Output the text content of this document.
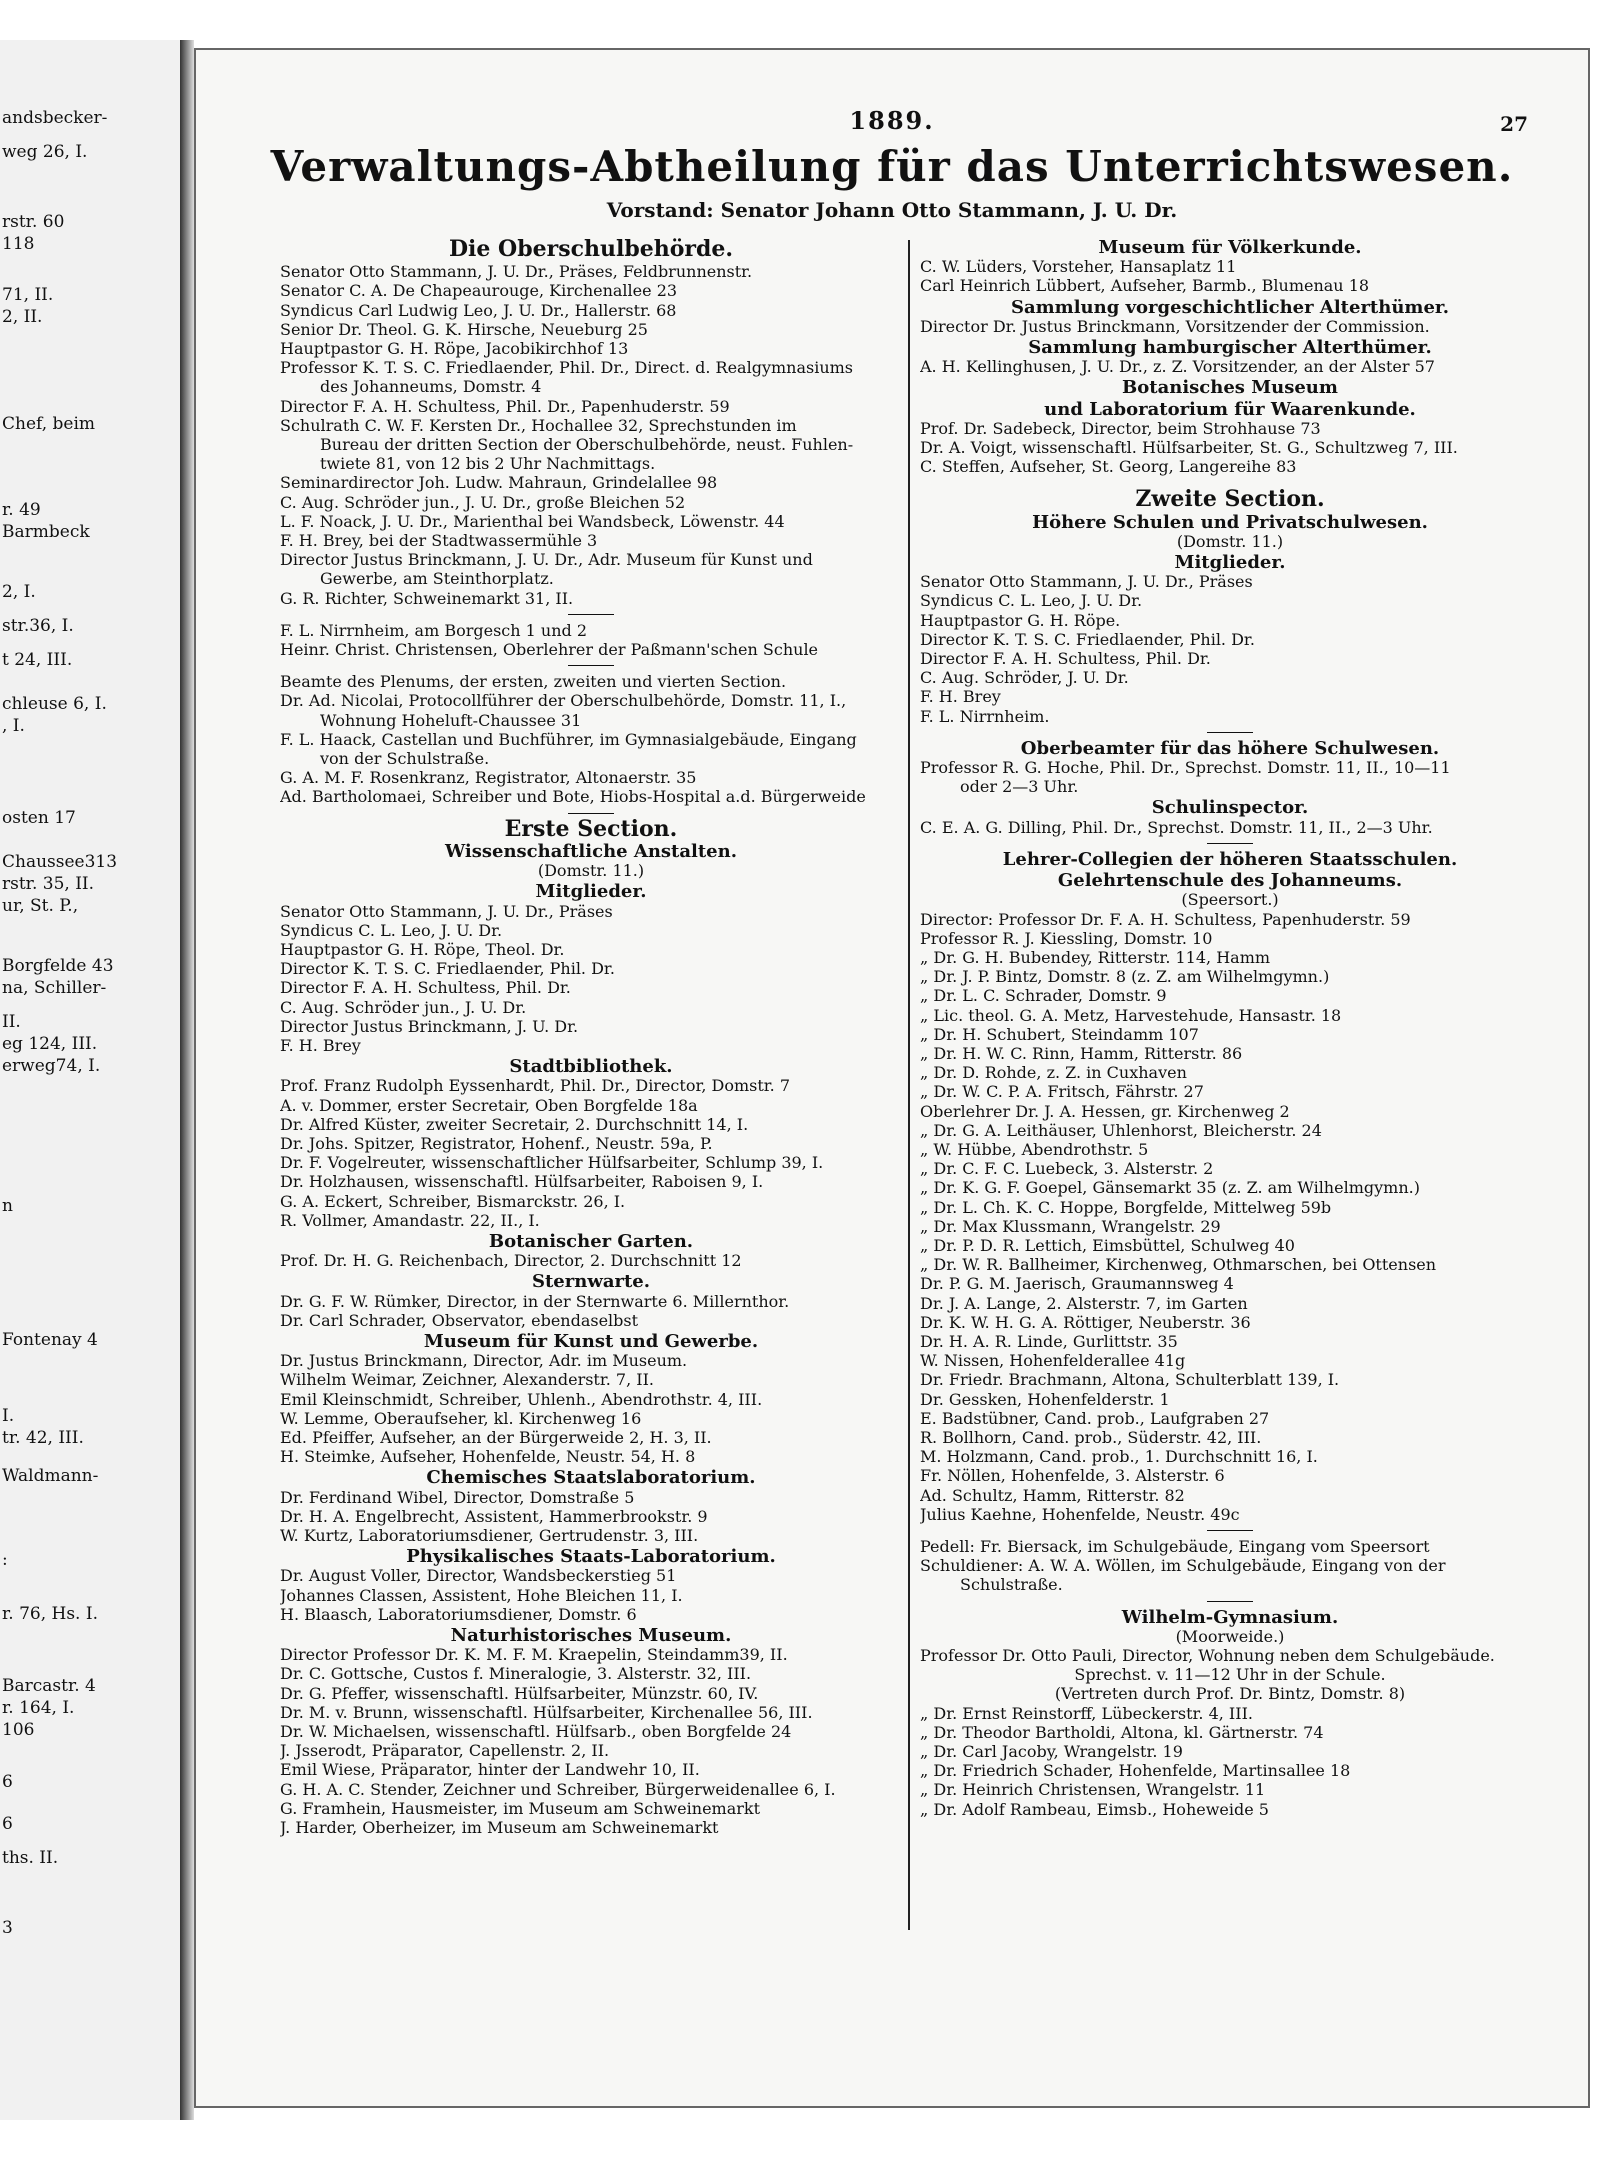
andsbecker-
weg 26, I.
rstr. 60
118
71, II.
2, II.
Chef, beim
r. 49
Barmbeck
2, I.
str.36, I.
t 24, III.
chleuse 6, I.
, I.
osten 17
Chaussee313
rstr. 35, II.
ur, St. P.,
Borgfelde 43
na, Schiller-
II.
eg 124, III.
erweg74, I.
n
Fontenay 4
I.
tr. 42, III.
Waldmann-
:
r. 76, Hs. I.
Barcastr. 4
r. 164, I.
106
6
6
ths. II.
3
1889.	27
Verwaltungs-Abtheilung für das Unterrichtswesen.
Vorstand: Senator Johann Otto Stammann, J. U. Dr.
Die Oberschulbehörde.
Senator Otto Stammann, J. U. Dr., Präses, Feldbrunnenstr.
Senator C. A. De Chapeaurouge, Kirchenallee 23
Syndicus Carl Ludwig Leo, J. U. Dr., Hallerstr. 68
Senior Dr. Theol. G. K. Hirsche, Neueburg 25
Hauptpastor G. H. Röpe, Jacobikirchhof 13
Professor K. T. S. C. Friedlaender, Phil. Dr., Direct. d. Realgymnasiums
des Johanneums, Domstr. 4
Director F. A. H. Schultess, Phil. Dr., Papenhuderstr. 59
Schulrath C. W. F. Kersten Dr., Hochallee 32, Sprechstunden im
Bureau der dritten Section der Oberschulbehörde, neust. Fuhlen-
twiete 81, von 12 bis 2 Uhr Nachmittags.
Seminardirector Joh. Ludw. Mahraun, Grindelallee 98
C. Aug. Schröder jun., J. U. Dr., große Bleichen 52
L. F. Noack, J. U. Dr., Marienthal bei Wandsbeck, Löwenstr. 44
F. H. Brey, bei der Stadtwassermühle 3
Director Justus Brinckmann, J. U. Dr., Adr. Museum für Kunst und
Gewerbe, am Steinthorplatz.
G. R. Richter, Schweinemarkt 31, II.
F. L. Nirrnheim, am Borgesch 1 und 2
Heinr. Christ. Christensen, Oberlehrer der Paßmann'schen Schule
Beamte des Plenums, der ersten, zweiten und vierten Section.
Dr. Ad. Nicolai, Protocollführer der Oberschulbehörde, Domstr. 11, I.,
Wohnung Hoheluft-Chaussee 31
F. L. Haack, Castellan und Buchführer, im Gymnasialgebäude, Eingang
von der Schulstraße.
G. A. M. F. Rosenkranz, Registrator, Altonaerstr. 35
Ad. Bartholomaei, Schreiber und Bote, Hiobs-Hospital a.d. Bürgerweide
Erste Section.
Wissenschaftliche Anstalten.
(Domstr. 11.)
Mitglieder.
Senator Otto Stammann, J. U. Dr., Präses
Syndicus C. L. Leo, J. U. Dr.
Hauptpastor G. H. Röpe, Theol. Dr.
Director K. T. S. C. Friedlaender, Phil. Dr.
Director F. A. H. Schultess, Phil. Dr.
C. Aug. Schröder jun., J. U. Dr.
Director Justus Brinckmann, J. U. Dr.
F. H. Brey
Stadtbibliothek.
Prof. Franz Rudolph Eyssenhardt, Phil. Dr., Director, Domstr. 7
A. v. Dommer, erster Secretair, Oben Borgfelde 18a
Dr. Alfred Küster, zweiter Secretair, 2. Durchschnitt 14, I.
Dr. Johs. Spitzer, Registrator, Hohenf., Neustr. 59a, P.
Dr. F. Vogelreuter, wissenschaftlicher Hülfsarbeiter, Schlump 39, I.
Dr. Holzhausen, wissenschaftl. Hülfsarbeiter, Raboisen 9, I.
G. A. Eckert, Schreiber, Bismarckstr. 26, I.
R. Vollmer, Amandastr. 22, II., I.
Botanischer Garten.
Prof. Dr. H. G. Reichenbach, Director, 2. Durchschnitt 12
Sternwarte.
Dr. G. F. W. Rümker, Director, in der Sternwarte 6. Millernthor.
Dr. Carl Schrader, Observator, ebendaselbst
Museum für Kunst und Gewerbe.
Dr. Justus Brinckmann, Director, Adr. im Museum.
Wilhelm Weimar, Zeichner, Alexanderstr. 7, II.
Emil Kleinschmidt, Schreiber, Uhlenh., Abendrothstr. 4, III.
W. Lemme, Oberaufseher, kl. Kirchenweg 16
Ed. Pfeiffer, Aufseher, an der Bürgerweide 2, H. 3, II.
H. Steimke, Aufseher, Hohenfelde, Neustr. 54, H. 8
Chemisches Staatslaboratorium.
Dr. Ferdinand Wibel, Director, Domstraße 5
Dr. H. A. Engelbrecht, Assistent, Hammerbrookstr. 9
W. Kurtz, Laboratoriumsdiener, Gertrudenstr. 3, III.
Physikalisches Staats-Laboratorium.
Dr. August Voller, Director, Wandsbeckerstieg 51
Johannes Classen, Assistent, Hohe Bleichen 11, I.
H. Blaasch, Laboratoriumsdiener, Domstr. 6
Naturhistorisches Museum.
Director Professor Dr. K. M. F. M. Kraepelin, Steindamm39, II.
Dr. C. Gottsche, Custos f. Mineralogie, 3. Alsterstr. 32, III.
Dr. G. Pfeffer, wissenschaftl. Hülfsarbeiter, Münzstr. 60, IV.
Dr. M. v. Brunn, wissenschaftl. Hülfsarbeiter, Kirchenallee 56, III.
Dr. W. Michaelsen, wissenschaftl. Hülfsarb., oben Borgfelde 24
J. Jsserodt, Präparator, Capellenstr. 2, II.
Emil Wiese, Präparator, hinter der Landwehr 10, II.
G. H. A. C. Stender, Zeichner und Schreiber, Bürgerweidenallee 6, I.
G. Framhein, Hausmeister, im Museum am Schweinemarkt
J. Harder, Oberheizer, im Museum am Schweinemarkt
Museum für Völkerkunde.
C. W. Lüders, Vorsteher, Hansaplatz 11
Carl Heinrich Lübbert, Aufseher, Barmb., Blumenau 18
Sammlung vorgeschichtlicher Alterthümer.
Director Dr. Justus Brinckmann, Vorsitzender der Commission.
Sammlung hamburgischer Alterthümer.
A. H. Kellinghusen, J. U. Dr., z. Z. Vorsitzender, an der Alster 57
Botanisches Museum
und Laboratorium für Waarenkunde.
Prof. Dr. Sadebeck, Director, beim Strohhause 73
Dr. A. Voigt, wissenschaftl. Hülfsarbeiter, St. G., Schultzweg 7, III.
C. Steffen, Aufseher, St. Georg, Langereihe 83
Zweite Section.
Höhere Schulen und Privatschulwesen.
(Domstr. 11.)
Mitglieder.
Senator Otto Stammann, J. U. Dr., Präses
Syndicus C. L. Leo, J. U. Dr.
Hauptpastor G. H. Röpe.
Director K. T. S. C. Friedlaender, Phil. Dr.
Director F. A. H. Schultess, Phil. Dr.
C. Aug. Schröder, J. U. Dr.
F. H. Brey
F. L. Nirrnheim.
Oberbeamter für das höhere Schulwesen.
Professor R. G. Hoche, Phil. Dr., Sprechst. Domstr. 11, II., 10—11
oder 2—3 Uhr.
Schulinspector.
C. E. A. G. Dilling, Phil. Dr., Sprechst. Domstr. 11, II., 2—3 Uhr.
Lehrer-Collegien der höheren Staatsschulen.
Gelehrtenschule des Johanneums.
(Speersort.)
Director: Professor Dr. F. A. H. Schultess, Papenhuderstr. 59
Professor R. J. Kiessling, Domstr. 10
„ Dr. G. H. Bubendey, Ritterstr. 114, Hamm
„ Dr. J. P. Bintz, Domstr. 8 (z. Z. am Wilhelmgymn.)
„ Dr. L. C. Schrader, Domstr. 9
„ Lic. theol. G. A. Metz, Harvestehude, Hansastr. 18
„ Dr. H. Schubert, Steindamm 107
„ Dr. H. W. C. Rinn, Hamm, Ritterstr. 86
„ Dr. D. Rohde, z. Z. in Cuxhaven
„ Dr. W. C. P. A. Fritsch, Fährstr. 27
Oberlehrer Dr. J. A. Hessen, gr. Kirchenweg 2
„ Dr. G. A. Leithäuser, Uhlenhorst, Bleicherstr. 24
„ W. Hübbe, Abendrothstr. 5
„ Dr. C. F. C. Luebeck, 3. Alsterstr. 2
„ Dr. K. G. F. Goepel, Gänsemarkt 35 (z. Z. am Wilhelmgymn.)
„ Dr. L. Ch. K. C. Hoppe, Borgfelde, Mittelweg 59b
„ Dr. Max Klussmann, Wrangelstr. 29
„ Dr. P. D. R. Lettich, Eimsbüttel, Schulweg 40
„ Dr. W. R. Ballheimer, Kirchenweg, Othmarschen, bei Ottensen
Dr. P. G. M. Jaerisch, Graumannsweg 4
Dr. J. A. Lange, 2. Alsterstr. 7, im Garten
Dr. K. W. H. G. A. Röttiger, Neuberstr. 36
Dr. H. A. R. Linde, Gurlittstr. 35
W. Nissen, Hohenfelderallee 41g
Dr. Friedr. Brachmann, Altona, Schulterblatt 139, I.
Dr. Gessken, Hohenfelderstr. 1
E. Badstübner, Cand. prob., Laufgraben 27
R. Bollhorn, Cand. prob., Süderstr. 42, III.
M. Holzmann, Cand. prob., 1. Durchschnitt 16, I.
Fr. Nöllen, Hohenfelde, 3. Alsterstr. 6
Ad. Schultz, Hamm, Ritterstr. 82
Julius Kaehne, Hohenfelde, Neustr. 49c
Pedell: Fr. Biersack, im Schulgebäude, Eingang vom Speersort
Schuldiener: A. W. A. Wöllen, im Schulgebäude, Eingang von der
Schulstraße.
Wilhelm-Gymnasium.
(Moorweide.)
Professor Dr. Otto Pauli, Director, Wohnung neben dem Schulgebäude.
Sprechst. v. 11—12 Uhr in der Schule.
(Vertreten durch Prof. Dr. Bintz, Domstr. 8)
„ Dr. Ernst Reinstorff, Lübeckerstr. 4, III.
„ Dr. Theodor Bartholdi, Altona, kl. Gärtnerstr. 74
„ Dr. Carl Jacoby, Wrangelstr. 19
„ Dr. Friedrich Schader, Hohenfelde, Martinsallee 18
„ Dr. Heinrich Christensen, Wrangelstr. 11
„ Dr. Adolf Rambeau, Eimsb., Hoheweide 5
